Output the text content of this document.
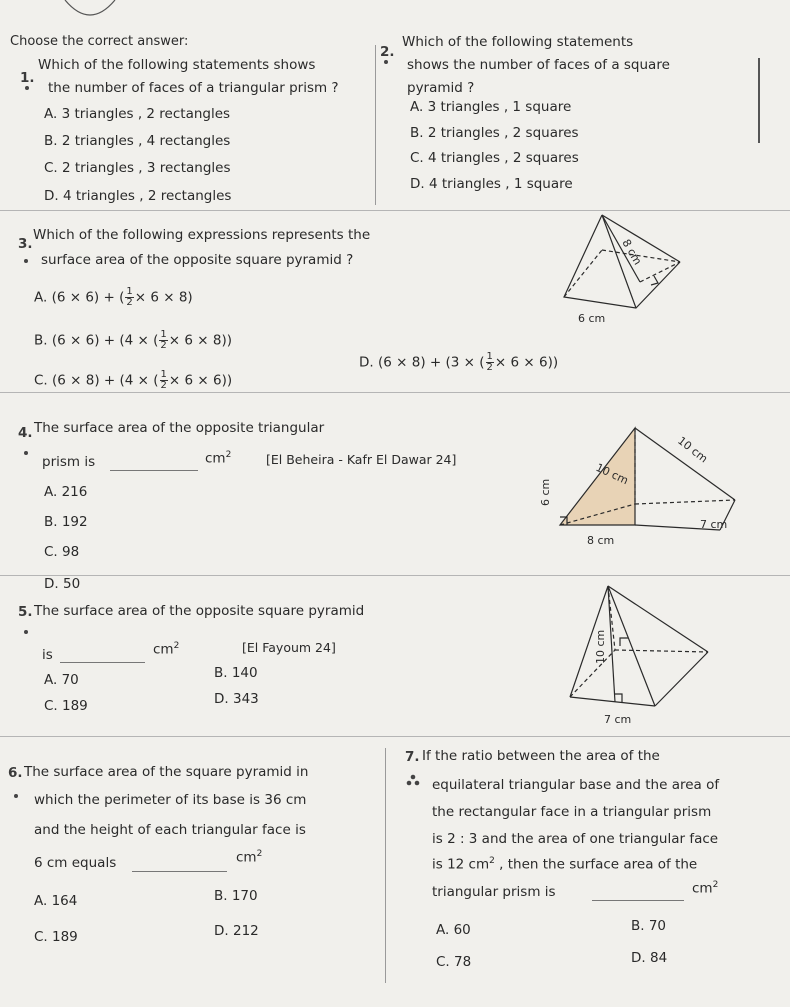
Choose the correct answer:
1.
Which of the following statements shows
the number of faces of a triangular prism ?
A. 3 triangles , 2 rectangles
B. 2 triangles , 4 rectangles
C. 2 triangles , 3 rectangles
D. 4 triangles , 2 rectangles
2.
Which of the following statements
shows the number of faces of a square
pyramid ?
A. 3 triangles , 1 square
B. 2 triangles , 2 squares
C. 4 triangles , 2 squares
D. 4 triangles , 1 square
3.
Which of the following expressions represents the
surface area of the opposite square pyramid ?
A. (6 × 6) + ( $\frac{1}{2} \times 6 \times 8$)
B. (6 × 6) + (4 × ( $\frac{1}{2} \times 6 \times 8$))
C. (6 × 8) + (4 × ( $\frac{1}{2} \times 6 \times 6$))
D. (6 × 8) + (3 × ( $\frac{1}{2} \times 6 \times 6$))
8 cm
6 cm
4. The surface area of the opposite triangular
prism is	$cm^2$	[El Beheira - Kafr El Dawar 24]
A. 216
B. 192
C. 98
D. 50
10 cm
10 cm
6 cm
8 cm
7 cm
5. The surface area of the opposite square pyramid
is	$cm^2$	[El Fayoum 24]
A. 70	B. 140
C. 189	D. 343
10 cm
7 cm
6. The surface area of the square pyramid in
which the perimeter of its base is 36 cm
and the height of each triangular face is
6 cm equals	$cm^2$
A. 164	B. 170
C. 189	D. 212
7. If the ratio between the area of the
equilateral triangular base and the area of
the rectangular face in a triangular prism
is 2 : 3 and the area of one triangular face
is 12 $cm^2$ , then the surface area of the
triangular prism is	$cm^2$
A. 60	B. 70
C. 78	D. 84
